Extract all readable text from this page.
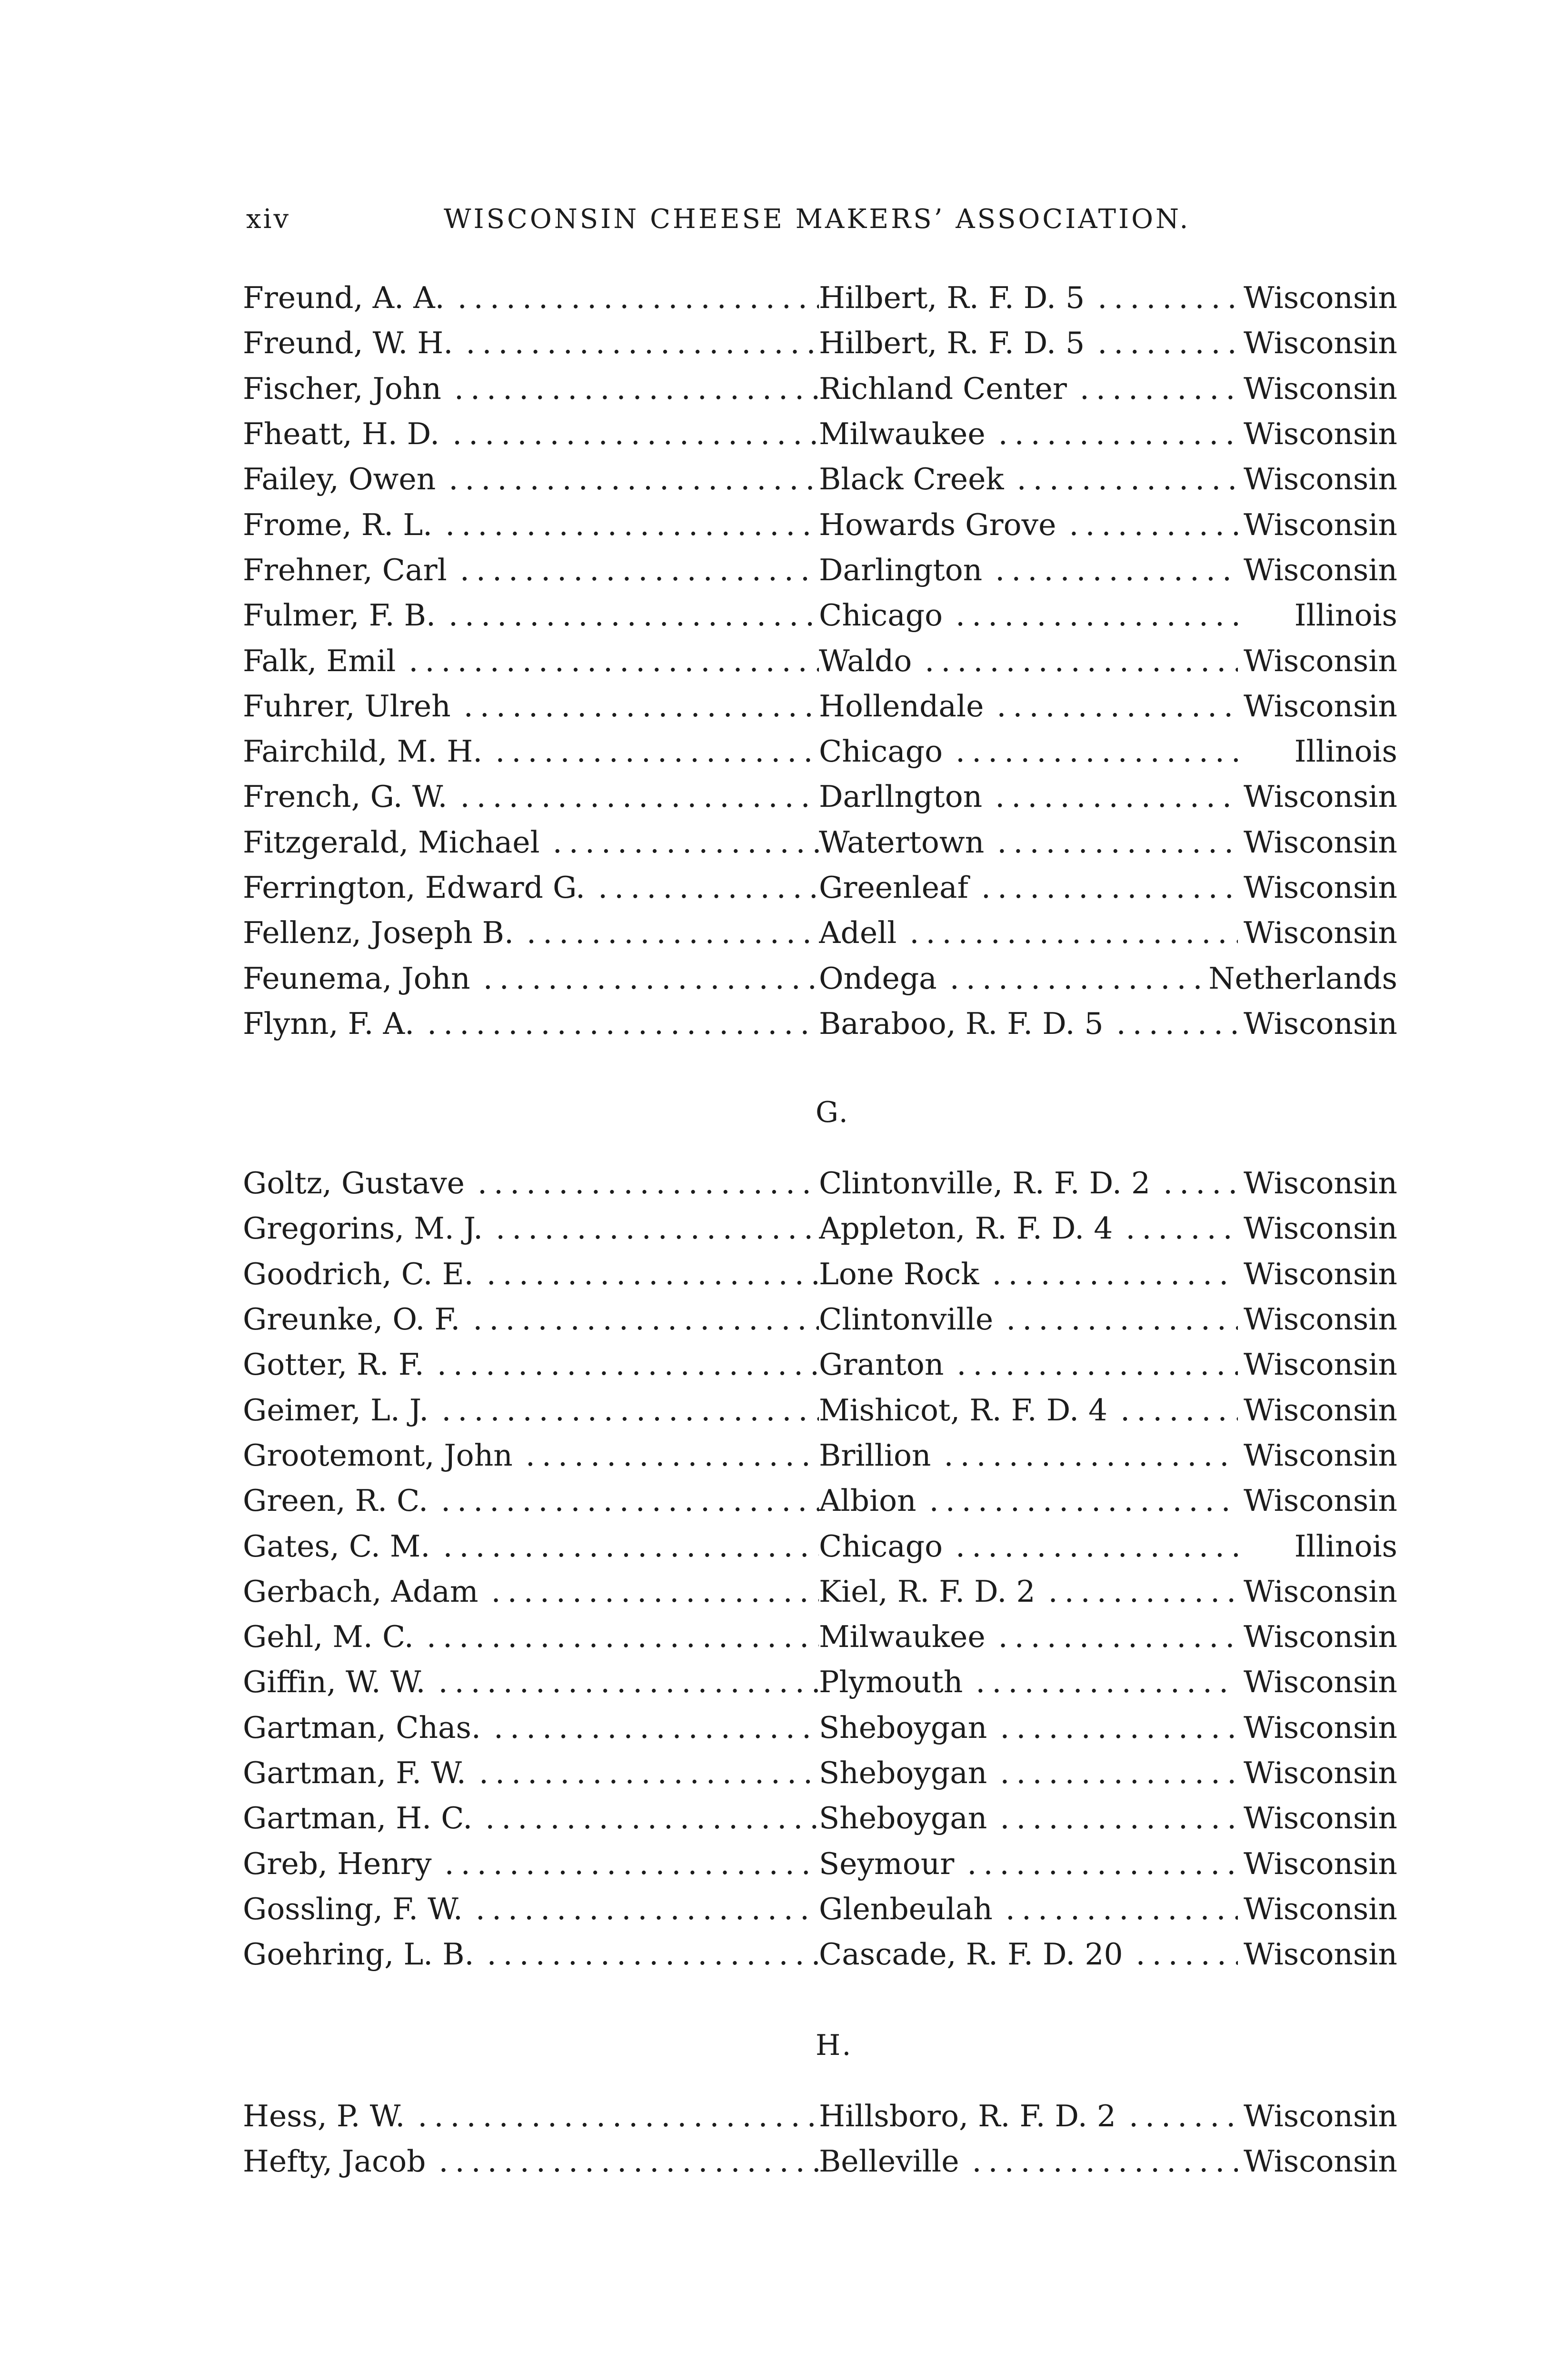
xiv	WISCONSIN CHEESE MAKERS’ ASSOCIATION.
Freund, A. A. . . .	Hilbert, R. F. D. 5 . . .	Wisconsin
Freund, W. H. . . .	Hilbert, R. F. D. 5 . . .	Wisconsin
Fischer, John . . .	Richland Center . . .	Wisconsin
Fheatt, H. D. . . .	Milwaukee . . .	Wisconsin
Failey, Owen . . .	Black Creek . . .	Wisconsin
Frome, R. L. . . .	Howards Grove . . .	Wisconsin
Frehner, Carl . . .	Darlington . . .	Wisconsin
Fulmer, F. B. . . .	Chicago . . .	Illinois
Falk, Emil . . .	Waldo . . .	Wisconsin
Fuhrer, Ulreh . . .	Hollendale . . .	Wisconsin
Fairchild, M. H. . . .	Chicago . . .	Illinois
French, G. W. . . .	Darllngton . . .	Wisconsin
Fitzgerald, Michael . . .	Watertown . . .	Wisconsin
Ferrington, Edward G. . . .	Greenleaf . . .	Wisconsin
Fellenz, Joseph B. . . .	Adell . . .	Wisconsin
Feunema, John . . .	Ondega . . .	Netherlands
Flynn, F. A. . . .	Baraboo, R. F. D. 5 . . .	Wisconsin
G.
Goltz, Gustave . . .	Clintonville, R. F. D. 2 . . .	Wisconsin
Gregorins, M. J. . . .	Appleton, R. F. D. 4 . . .	Wisconsin
Goodrich, C. E. . . .	Lone Rock . . .	Wisconsin
Greunke, O. F. . . .	Clintonville . . .	Wisconsin
Gotter, R. F. . . .	Granton . . .	Wisconsin
Geimer, L. J. . . .	Mishicot, R. F. D. 4 . . .	Wisconsin
Grootemont, John . . .	Brillion . . .	Wisconsin
Green, R. C. . . .	Albion . . .	Wisconsin
Gates, C. M. . . .	Chicago . . .	Illinois
Gerbach, Adam . . .	Kiel, R. F. D. 2 . . .	Wisconsin
Gehl, M. C. . . .	Milwaukee . . .	Wisconsin
Giffin, W. W. . . .	Plymouth . . .	Wisconsin
Gartman, Chas. . . .	Sheboygan . . .	Wisconsin
Gartman, F. W. . . .	Sheboygan . . .	Wisconsin
Gartman, H. C. . . .	Sheboygan . . .	Wisconsin
Greb, Henry . . .	Seymour . . .	Wisconsin
Gossling, F. W. . . .	Glenbeulah . . .	Wisconsin
Goehring, L. B. . . .	Cascade, R. F. D. 20 . . .	Wisconsin
H.
Hess, P. W. . . .	Hillsboro, R. F. D. 2 . . .	Wisconsin
Hefty, Jacob . . .	Belleville . . .	Wisconsin
